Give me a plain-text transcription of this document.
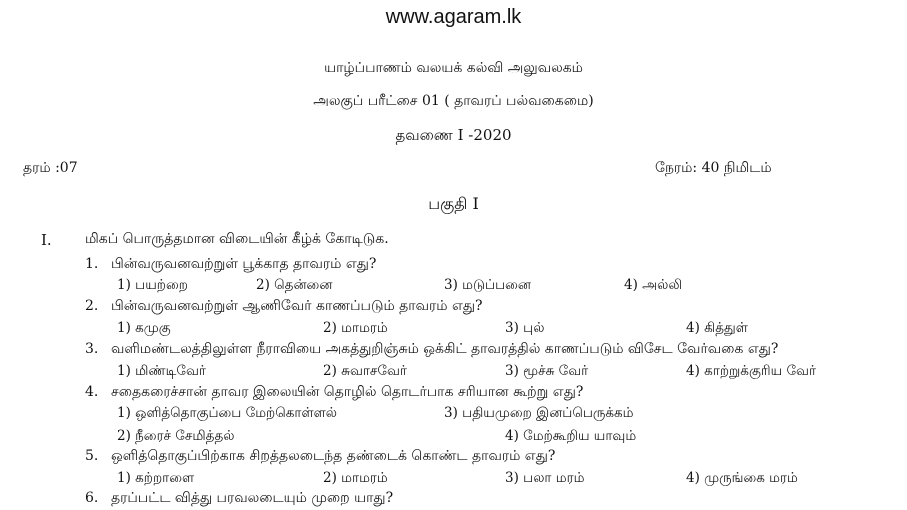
www.agaram.lk
யாழ்ப்பாணம் வலயக் கல்வி அலுவலகம்
அலகுப் பரீட்சை 01 ( தாவரப் பல்வகைமை)
தவணை I -2020
தரம் :07	நேரம்: 40 நிமிடம்
பகுதி I
I. மிகப் பொருத்தமான விடையின் கீழ்க் கோடிடுக.
1. பின்வருவனவற்றுள் பூக்காத தாவரம் எது?
1) பயற்றை	2) தென்னை	3) மடுப்பனை	4) அல்லி
2. பின்வருவனவற்றுள் ஆணிவேர் காணப்படும் தாவரம் எது?
1) கமுகு	2) மாமரம்	3) புல்	4) கித்துள்
3. வளிமண்டலத்திலுள்ள நீராவியை அகத்துறிஞ்சும் ஒக்கிட் தாவரத்தில் காணப்படும் விசேட வேர்வகை எது?
1) மிண்டிவேர்	2) சுவாசவேர்	3) மூச்சு வேர்	4) காற்றுக்குரிய வேர்
4. சதைகரைச்சான் தாவர இலையின் தொழில் தொடர்பாக சரியான கூற்று எது?
1) ஒளித்தொகுப்பை மேற்கொள்ளல்	3) பதியமுறை இனப்பெருக்கம்
2) நீரைச் சேமித்தல்	4) மேற்கூறிய யாவும்
5. ஒளித்தொகுப்பிற்காக சிறத்தலடைந்த தண்டைக் கொண்ட தாவரம் எது?
1) கற்றாளை	2) மாமரம்	3) பலா மரம்	4) முருங்கை மரம்
6. தரப்பட்ட வித்து பரவலடையும் முறை யாது?
